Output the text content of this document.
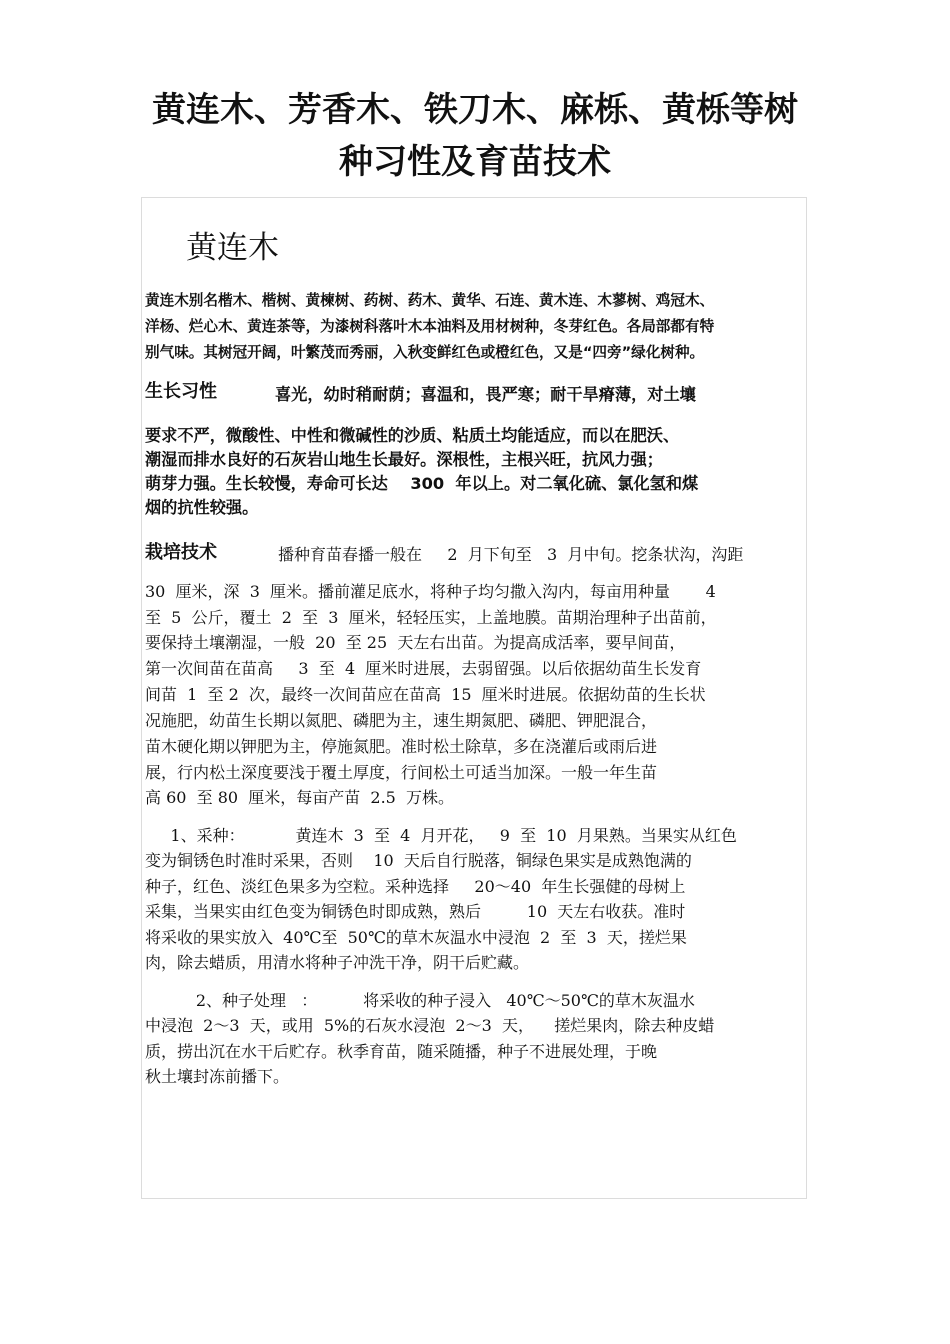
黄连木、芳香木、铁刀木、麻栎、黄栎等树
种习性及育苗技术
黄连木
黄连木别名楷木、楷树、黄楝树、药树、药木、黄华、石连、黄木连、木蓼树、鸡冠木、
洋杨、烂心木、黄连茶等，为漆树科落叶木本油料及用材树种，冬芽红色。各局部都有特
别气味。其树冠开阔，叶繁茂而秀丽，入秋变鲜红色或橙红色，又是“四旁”绿化树种。
生长习性	喜光，幼时稍耐荫；喜温和，畏严寒；耐干旱瘠薄，对土壤
要求不严，微酸性、中性和微碱性的沙质、粘质土均能适应，而以在肥沃、
潮湿而排水良好的石灰岩山地生长最好。深根性，主根兴旺，抗风力强；
萌芽力强。生长较慢，寿命可长达    300  年以上。对二氧化硫、氯化氢和煤
烟的抗性较强。
栽培技术	播种育苗春播一般在     2  月下旬至   3  月中旬。挖条状沟，沟距
30  厘米，深  3  厘米。播前灌足底水，将种子均匀撒入沟内，每亩用种量       4
至  5  公斤，覆土  2  至  3  厘米，轻轻压实，上盖地膜。苗期治理种子出苗前，
要保持土壤潮湿，一般  20  至 25  天左右出苗。为提高成活率，要早间苗，
第一次间苗在苗高     3  至  4  厘米时进展，去弱留强。以后依据幼苗生长发育
间苗  1  至 2  次，最终一次间苗应在苗高  15  厘米时进展。依据幼苗的生长状
况施肥，幼苗生长期以氮肥、磷肥为主，速生期氮肥、磷肥、钾肥混合，
苗木硬化期以钾肥为主，停施氮肥。准时松土除草，多在浇灌后或雨后进
展，行内松土深度要浅于覆土厚度，行间松土可适当加深。一般一年生苗
高 60  至 80  厘米，每亩产苗  2.5  万株。
1、采种：          黄连木  3  至  4  月开花，   9  至  10  月果熟。当果实从红色
变为铜锈色时准时采果，否则    10  天后自行脱落，铜绿色果实是成熟饱满的
种子，红色、淡红色果多为空粒。采种选择     20～40  年生长强健的母树上
采集，当果实由红色变为铜锈色时即成熟，熟后         10  天左右收获。准时
将采收的果实放入  40℃至  50℃的草木灰温水中浸泡  2  至  3  天，搓烂果
肉，除去蜡质，用清水将种子冲洗干净，阴干后贮藏。
2、种子处理   ：         将采收的种子浸入   40℃～50℃的草木灰温水
中浸泡  2～3  天，或用  5%的石灰水浸泡  2～3  天，    搓烂果肉，除去种皮蜡
质，捞出沉在水干后贮存。秋季育苗，随采随播，种子不进展处理，于晚
秋土壤封冻前播下。
